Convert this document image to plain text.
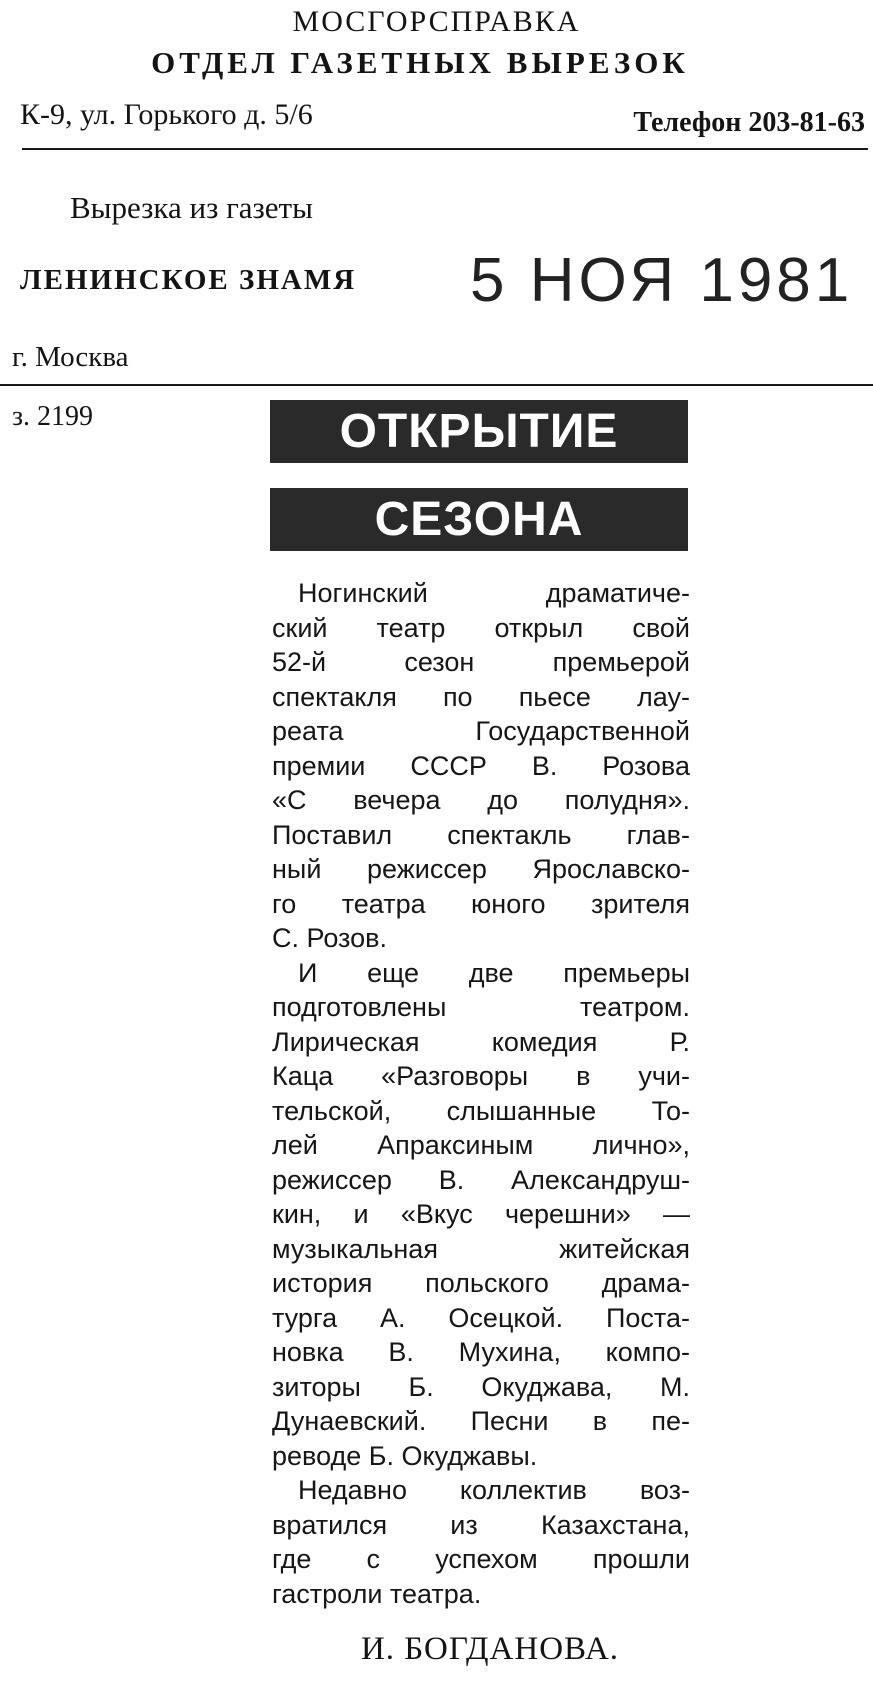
МОСГОРСПРАВКА
ОТДЕЛ ГАЗЕТНЫХ ВЫРЕЗОК
К-9, ул. Горького д. 5/6	Телефон 203-81-63
Вырезка из газеты
ЛЕНИНСКОЕ ЗНАМЯ 5 НОЯ 1981
г. Москва
з. 2199	ОТКРЫТИЕ
СЕЗОНА

Ногинский драматиче-
ский театр открыл свой
52-й сезон премьерой
спектакля по пьесе лау-
реата Государственной
премии СССР В. Розова
«С вечера до полудня».
Поставил спектакль глав-
ный режиссер Ярославско-
го театра юного зрителя
С. Розов.

И еще две премьеры
подготовлены театром.
Лирическая комедия Р.
Каца «Разговоры в учи-
тельской, слышанные То-
лей Апраксиным лично»,
режиссер В. Александруш-
кин, и «Вкус черешни» —
музыкальная житейская
история польского драма-
турга А. Осецкой. Поста-
новка В. Мухина, компо-
зиторы Б. Окуджава, М.
Дунаевский. Песни в пе-
реводе Б. Окуджавы.

Недавно коллектив воз-
вратился из Казахстана,
где с успехом прошли
гастроли театра.

И. БОГДАНОВА.
